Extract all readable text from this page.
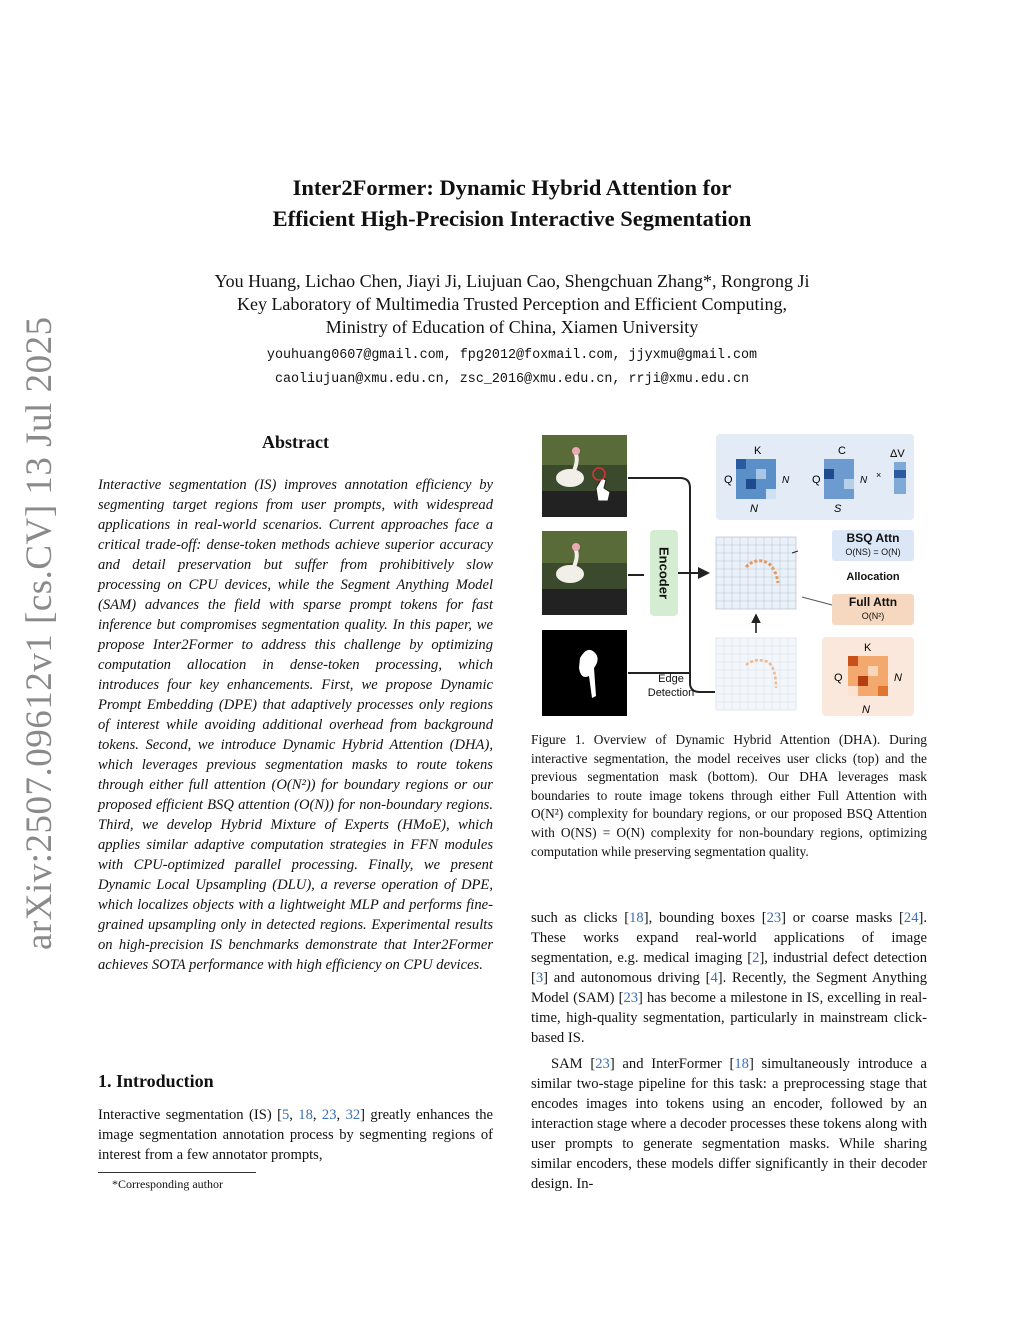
arXiv:2507.09612v1 [cs.CV] 13 Jul 2025
Inter2Former: Dynamic Hybrid Attention for
Efficient High-Precision Interactive Segmentation
You Huang, Lichao Chen, Jiayi Ji, Liujuan Cao, Shengchuan Zhang*, Rongrong Ji
Key Laboratory of Multimedia Trusted Perception and Efficient Computing,
Ministry of Education of China, Xiamen University
youhuang0607@gmail.com, fpg2012@foxmail.com, jjyxmu@gmail.com
caoliujuan@xmu.edu.cn, zsc_2016@xmu.edu.cn, rrji@xmu.edu.cn
Abstract
Interactive segmentation (IS) improves annotation efficiency by segmenting target regions from user prompts, with widespread applications in real-world scenarios. Current approaches face a critical trade-off: dense-token methods achieve superior accuracy and detail preservation but suffer from prohibitively slow processing on CPU devices, while the Segment Anything Model (SAM) advances the field with sparse prompt tokens for fast inference but compromises segmentation quality. In this paper, we propose Inter2Former to address this challenge by optimizing computation allocation in dense-token processing, which introduces four key enhancements. First, we propose Dynamic Prompt Embedding (DPE) that adaptively processes only regions of interest while avoiding additional overhead from background tokens. Second, we introduce Dynamic Hybrid Attention (DHA), which leverages previous segmentation masks to route tokens through either full attention (O(N²)) for boundary regions or our proposed efficient BSQ attention (O(N)) for non-boundary regions. Third, we develop Hybrid Mixture of Experts (HMoE), which applies similar adaptive computation strategies in FFN modules with CPU-optimized parallel processing. Finally, we present Dynamic Local Upsampling (DLU), a reverse operation of DPE, which localizes objects with a lightweight MLP and performs fine-grained upsampling only in detected regions. Experimental results on high-precision IS benchmarks demonstrate that Inter2Former achieves SOTA performance with high efficiency on CPU devices.
1. Introduction
Interactive segmentation (IS) [5, 18, 23, 32] greatly enhances the image segmentation annotation process by segmenting regions of interest from a few annotator prompts,
*Corresponding author
K
Q
N
N
C
Q
S
N ×
ΔV
Encoder
Edge
Detection
BSQ Attn
O(NS) = O(N)
Allocation
Full Attn
O(N²)
K
Q	N
N
Figure 1. Overview of Dynamic Hybrid Attention (DHA). During interactive segmentation, the model receives user clicks (top) and the previous segmentation mask (bottom). Our DHA leverages mask boundaries to route image tokens through either Full Attention with O(N²) complexity for boundary regions, or our proposed BSQ Attention with O(NS) = O(N) complexity for non-boundary regions, optimizing computation while preserving segmentation quality.

such as clicks [18], bounding boxes [23] or coarse masks [24]. These works expand real-world applications of image segmentation, e.g. medical imaging [2], industrial defect detection [3] and autonomous driving [4]. Recently, the Segment Anything Model (SAM) [23] has become a milestone in IS, excelling in real-time, high-quality segmentation, particularly in mainstream click-based IS.

SAM [23] and InterFormer [18] simultaneously introduce a similar two-stage pipeline for this task: a preprocessing stage that encodes images into tokens using an encoder, followed by an interaction stage where a decoder processes these tokens along with user prompts to generate segmentation masks. While sharing similar encoders, these models differ significantly in their decoder design. In-
